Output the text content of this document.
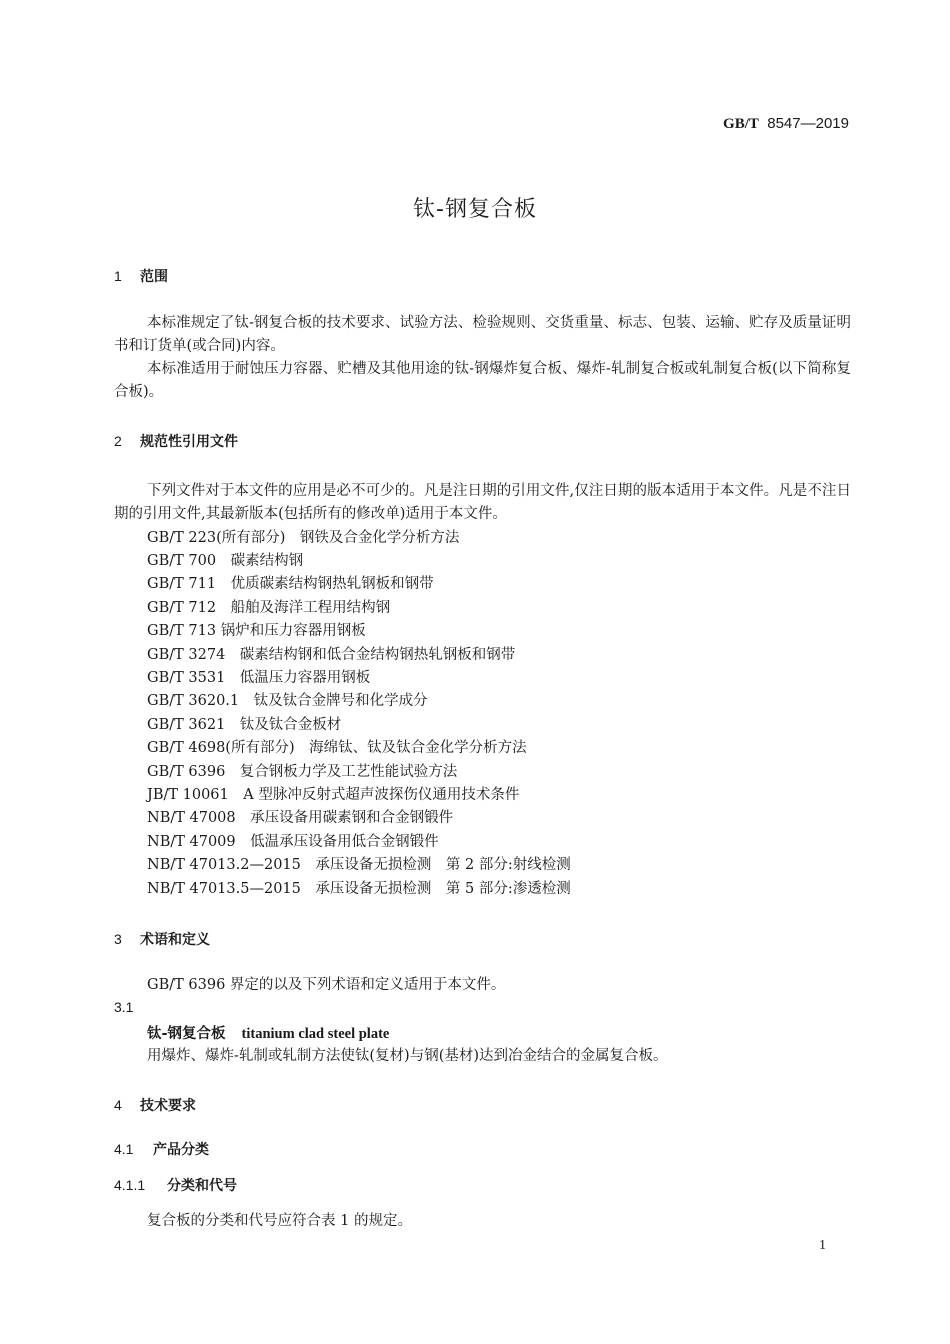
GB/T 8547—2019
钛-钢复合板
1 范围
本标准规定了钛-钢复合板的技术要求、试验方法、检验规则、交货重量、标志、包装、运输、贮存及质量证明书和订货单(或合同)内容。
本标准适用于耐蚀压力容器、贮槽及其他用途的钛-钢爆炸复合板、爆炸-轧制复合板或轧制复合板(以下简称复合板)。
2 规范性引用文件
下列文件对于本文件的应用是必不可少的。凡是注日期的引用文件,仅注日期的版本适用于本文件。凡是不注日期的引用文件,其最新版本(包括所有的修改单)适用于本文件。
GB/T 223(所有部分)　钢铁及合金化学分析方法
GB/T 700　碳素结构钢
GB/T 711　优质碳素结构钢热轧钢板和钢带
GB/T 712　船舶及海洋工程用结构钢
GB/T 713 锅炉和压力容器用钢板
GB/T 3274　碳素结构钢和低合金结构钢热轧钢板和钢带
GB/T 3531　低温压力容器用钢板
GB/T 3620.1　钛及钛合金牌号和化学成分
GB/T 3621　钛及钛合金板材
GB/T 4698(所有部分)　海绵钛、钛及钛合金化学分析方法
GB/T 6396　复合钢板力学及工艺性能试验方法
JB/T 10061　A 型脉冲反射式超声波探伤仪通用技术条件
NB/T 47008　承压设备用碳素钢和合金钢锻件
NB/T 47009　低温承压设备用低合金钢锻件
NB/T 47013.2—2015　承压设备无损检测　第 2 部分:射线检测
NB/T 47013.5—2015　承压设备无损检测　第 5 部分:渗透检测
3 术语和定义
GB/T 6396 界定的以及下列术语和定义适用于本文件。
3.1
钛-钢复合板 titanium clad steel plate
用爆炸、爆炸-轧制或轧制方法使钛(复材)与钢(基材)达到冶金结合的金属复合板。
4 技术要求
4.1 产品分类
4.1.1 分类和代号
复合板的分类和代号应符合表 1 的规定。
1
